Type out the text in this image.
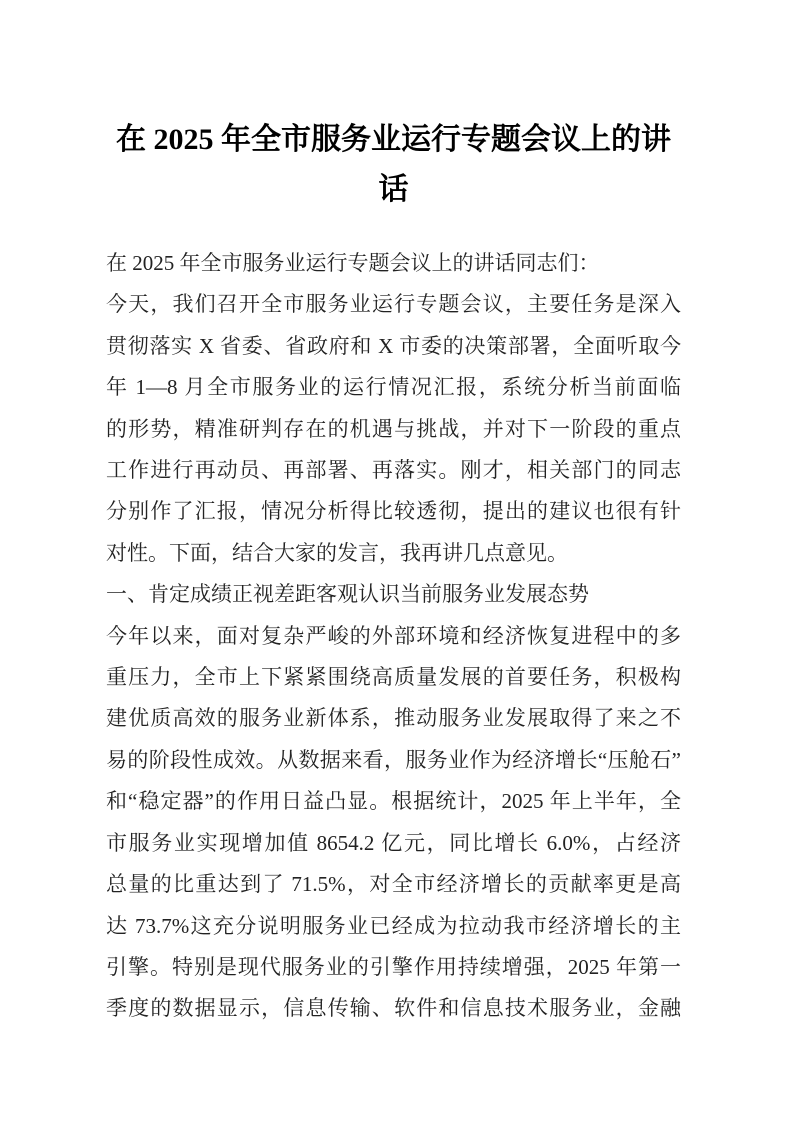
在 2025 年全市服务业运行专题会议上的讲
话
在 2025 年全市服务业运行专题会议上的讲话同志们：
今天，我们召开全市服务业运行专题会议，主要任务是深入
贯彻落实 X 省委、省政府和 X 市委的决策部署，全面听取今
年 1—8 月全市服务业的运行情况汇报，系统分析当前面临
的形势，精准研判存在的机遇与挑战，并对下一阶段的重点
工作进行再动员、再部署、再落实。刚才，相关部门的同志
分别作了汇报，情况分析得比较透彻，提出的建议也很有针
对性。下面，结合大家的发言，我再讲几点意见。
一、肯定成绩正视差距客观认识当前服务业发展态势
今年以来，面对复杂严峻的外部环境和经济恢复进程中的多
重压力，全市上下紧紧围绕高质量发展的首要任务，积极构
建优质高效的服务业新体系，推动服务业发展取得了来之不
易的阶段性成效。从数据来看，服务业作为经济增长“压舱石”
和“稳定器”的作用日益凸显。根据统计，2025 年上半年，全
市服务业实现增加值 8654.2 亿元，同比增长 6.0%，占经济
总量的比重达到了 71.5%，对全市经济增长的贡献率更是高
达 73.7%这充分说明服务业已经成为拉动我市经济增长的主
引擎。特别是现代服务业的引擎作用持续增强，2025 年第一
季度的数据显示，信息传输、软件和信息技术服务业，金融
